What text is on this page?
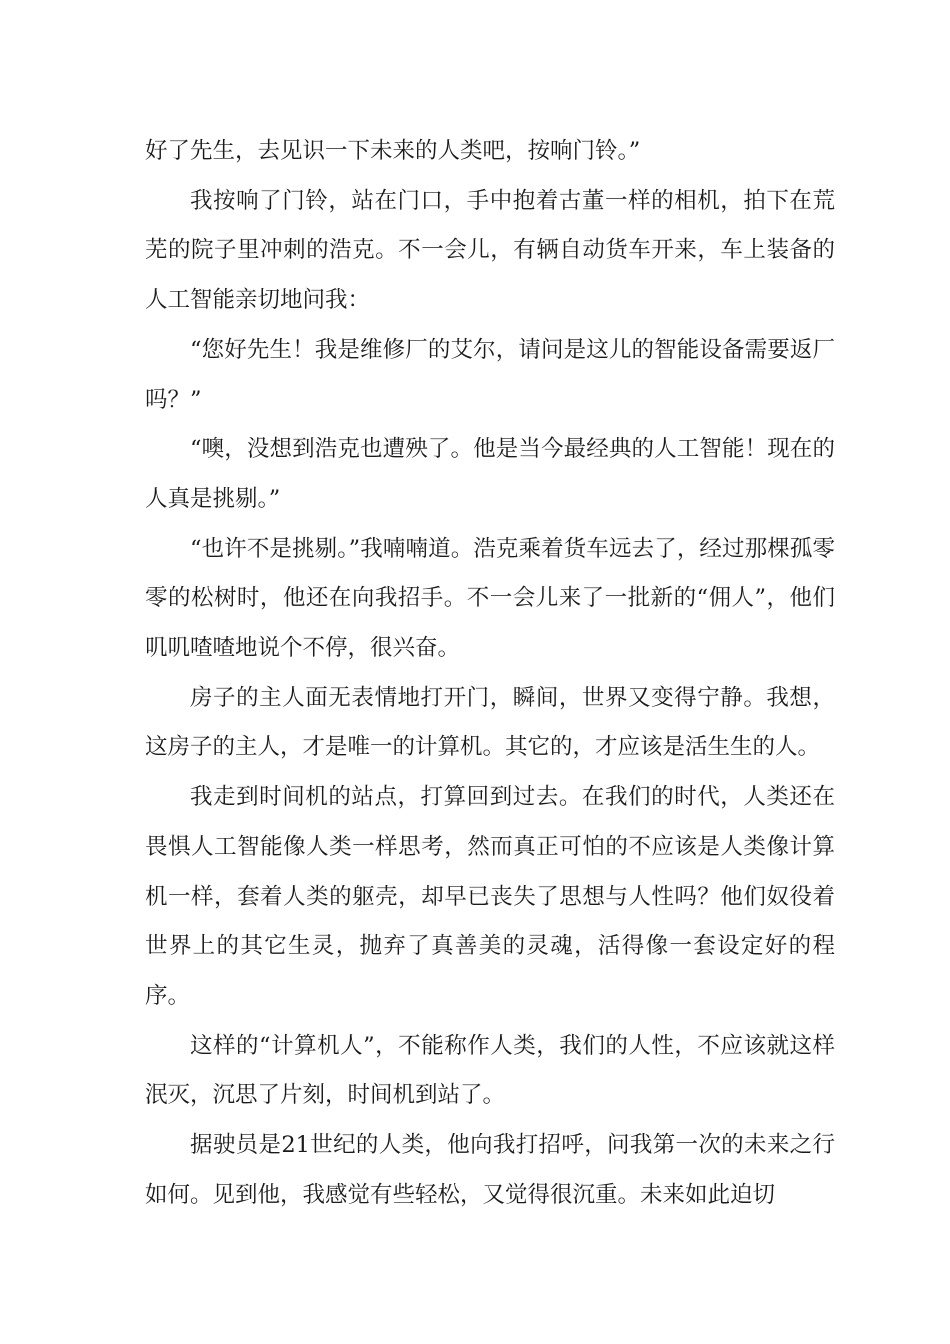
好了先生，去见识一下未来的人类吧，按响门铃。”

我按响了门铃，站在门口，手中抱着古董一样的相机，拍下在荒芜的院子里冲刺的浩克。不一会儿，有辆自动货车开来，车上装备的人工智能亲切地问我：

“您好先生！我是维修厂的艾尔，请问是这儿的智能设备需要返厂吗？”

“噢，没想到浩克也遭殃了。他是当今最经典的人工智能！现在的人真是挑剔。”

“也许不是挑剔。”我喃喃道。浩克乘着货车远去了，经过那棵孤零零的松树时，他还在向我招手。不一会儿来了一批新的“佣人”，他们叽叽喳喳地说个不停，很兴奋。

房子的主人面无表情地打开门，瞬间，世界又变得宁静。我想，这房子的主人，才是唯一的计算机。其它的，才应该是活生生的人。

我走到时间机的站点，打算回到过去。在我们的时代，人类还在畏惧人工智能像人类一样思考，然而真正可怕的不应该是人类像计算机一样，套着人类的躯壳，却早已丧失了思想与人性吗？他们奴役着世界上的其它生灵，抛弃了真善美的灵魂，活得像一套设定好的程序。

这样的“计算机人”，不能称作人类，我们的人性，不应该就这样泯灭，沉思了片刻，时间机到站了。

据驶员是21世纪的人类，他向我打招呼，问我第一次的未来之行如何。见到他，我感觉有些轻松，又觉得很沉重。未来如此迫切
